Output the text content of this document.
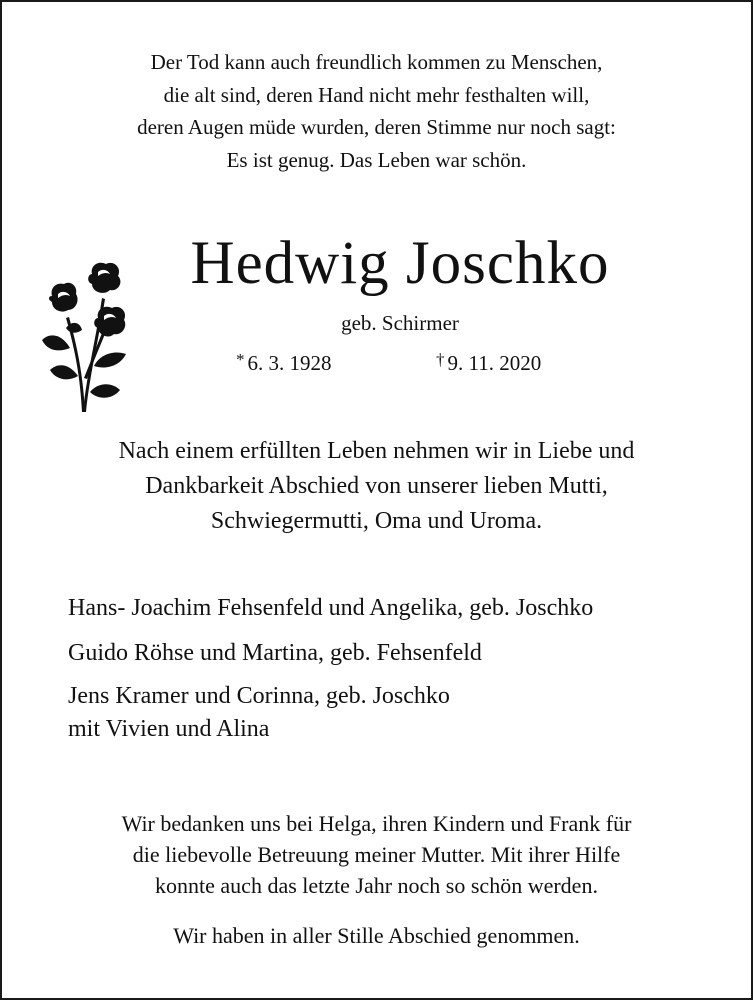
Der Tod kann auch freundlich kommen zu Menschen,
die alt sind, deren Hand nicht mehr festhalten will,
deren Augen müde wurden, deren Stimme nur noch sagt:
Es ist genug. Das Leben war schön.
Hedwig Joschko
geb. Schirmer
* 6. 3. 1928	† 9. 11. 2020
Nach einem erfüllten Leben nehmen wir in Liebe und
Dankbarkeit Abschied von unserer lieben Mutti,
Schwiegermutti, Oma und Uroma.
Hans- Joachim Fehsenfeld und Angelika, geb. Joschko
Guido Röhse und Martina, geb. Fehsenfeld
Jens Kramer und Corinna, geb. Joschko
mit Vivien und Alina
Wir bedanken uns bei Helga, ihren Kindern und Frank für
die liebevolle Betreuung meiner Mutter. Mit ihrer Hilfe
konnte auch das letzte Jahr noch so schön werden.
Wir haben in aller Stille Abschied genommen.
